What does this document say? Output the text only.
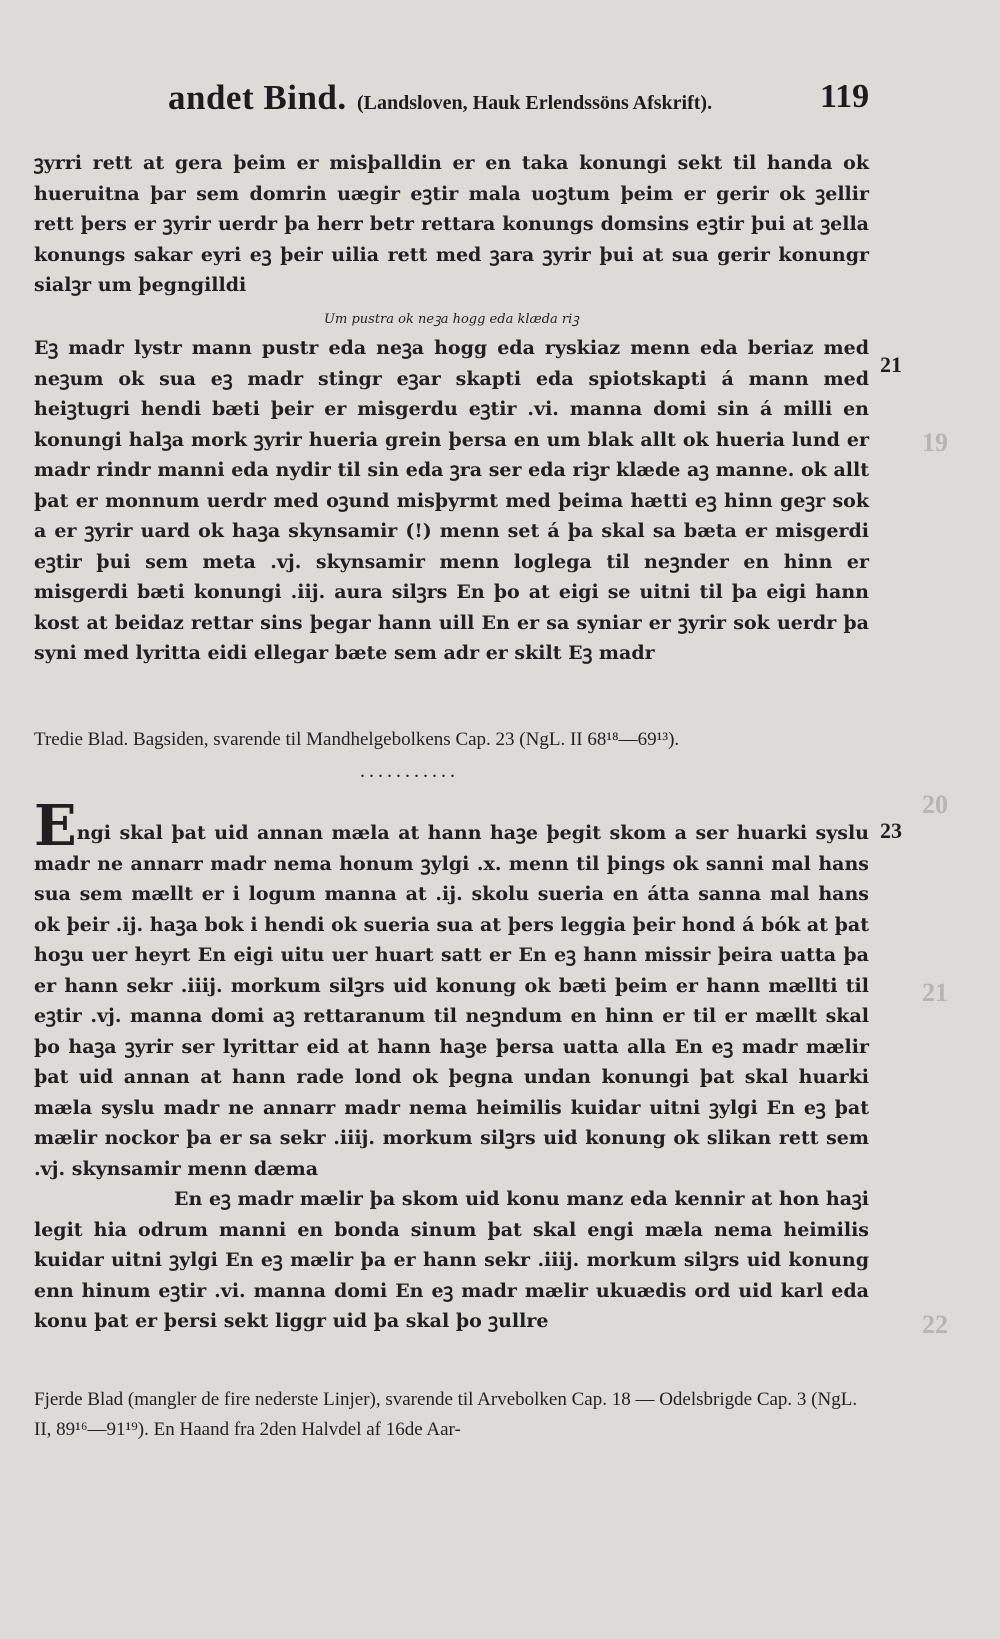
andet Bind. (Landsloven, Hauk Erlendssöns Afskrift).	119

ꝫyrri rett at gera þeim er misþalldin er en taka konungi sekt til handa ok hueruitna þar sem domrin uægir eꝫtir mala uoꝫtum þeim er gerir ok ꝫellir rett þers er ꝫyrir uerdr þa herr betr rettara konungs domsins eꝫtir þui at ꝫella konungs sakar eyri eꝫ þeir uilia rett med ꝫara ꝫyrir þui at sua gerir konungr sialꝫr um þegngilldi

Um pustra ok neꝫa hogg eda klæda riꝫ

Eꝫ madr lystr mann pustr eda neꝫa hogg eda ryskiaz menn eda beriaz med neꝫum ok sua eꝫ madr stingr eꝫar skapti eda spiotskapti á mann med heiꝫtugri hendi bæti þeir er misgerdu eꝫtir .vi. manna domi sin á milli en konungi halꝫa mork ꝫyrir hueria grein þersa en um blak allt ok hueria lund er madr rindr manni eda nydir til sin eda ꝫra ser eda riꝫr klæde aꝫ manne. ok allt þat er monnum uerdr med oꝫund misþyrmt med þeima hætti eꝫ hinn geꝫr sok a er ꝫyrir uard ok haꝫa skynsamir (!) menn set á þa skal sa bæta er misgerdi eꝫtir þui sem meta .vj. skynsamir menn loglega til neꝫnder en hinn er misgerdi bæti konungi .iij. aura silꝫrs En þo at eigi se uitni til þa eigi hann kost at beidaz rettar sins þegar hann uill En er sa syniar er ꝫyrir sok uerdr þa syni med lyritta eidi ellegar bæte sem adr er skilt Eꝫ madr

21
19
Tredie Blad. Bagsiden, svarende til Mandhelgebolkens Cap. 23 (NgL. II 68¹⁸—69¹³).
...........
20
23
21
22

Engi skal þat uid annan mæla at hann haꝫe þegit skom a ser huarki syslu madr ne annarr madr nema honum ꝫylgi .x. menn til þings ok sanni mal hans sua sem mællt er i logum manna at .ij. skolu sueria en átta sanna mal hans ok þeir .ij. haꝫa bok i hendi ok sueria sua at þers leggia þeir hond á bók at þat hoꝫu uer heyrt En eigi uitu uer huart satt er En eꝫ hann missir þeira uatta þa er hann sekr .iiij. morkum silꝫrs uid konung ok bæti þeim er hann mællti til eꝫtir .vj. manna domi aꝫ rettaranum til neꝫndum en hinn er til er mællt skal þo haꝫa ꝫyrir ser lyrittar eid at hann haꝫe þersa uatta alla En eꝫ madr mælir þat uid annan at hann rade lond ok þegna undan konungi þat skal huarki mæla syslu madr ne annarr madr nema heimilis kuidar uitni ꝫylgi En eꝫ þat mælir nockor þa er sa sekr .iiij. morkum silꝫrs uid konung ok slikan rett sem .vj. skynsamir menn dæma

En eꝫ madr mælir þa skom uid konu manz eda kennir at hon haꝫi legit hia odrum manni en bonda sinum þat skal engi mæla nema heimilis kuidar uitni ꝫylgi En eꝫ mælir þa er hann sekr .iiij. morkum silꝫrs uid konung enn hinum eꝫtir .vi. manna domi En eꝫ madr mælir ukuædis ord uid karl eda konu þat er þersi sekt liggr uid þa skal þo ꝫullre

Fjerde Blad (mangler de fire nederste Linjer), svarende til Arvebolken Cap. 18 — Odelsbrigde Cap. 3 (NgL. II, 89¹⁶—91¹⁹). En Haand fra 2den Halvdel af 16de Aar-
